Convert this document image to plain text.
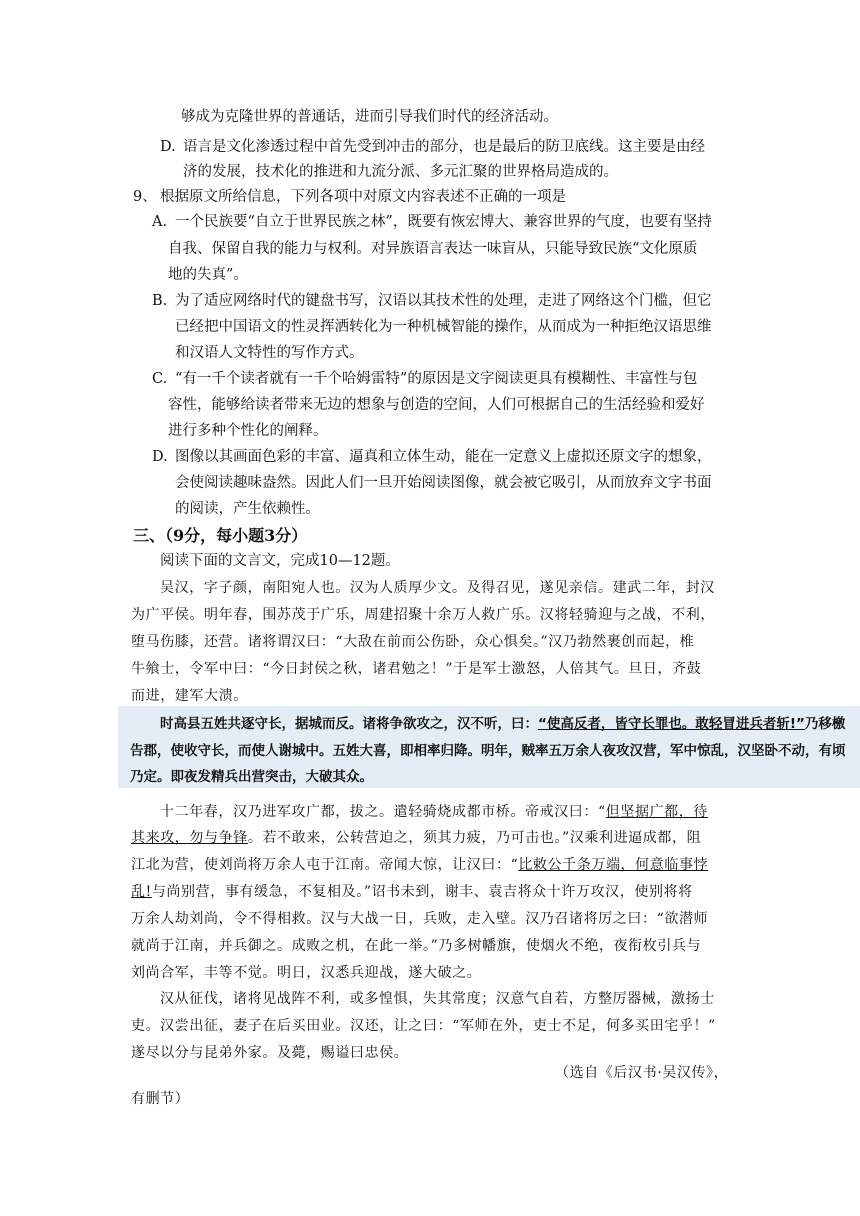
够成为克隆世界的普通话，进而引导我们时代的经济活动。
D. 语言是文化渗透过程中首先受到冲击的部分，也是最后的防卫底线。这主要是由经
济的发展，技术化的推进和九流分派、多元汇聚的世界格局造成的。
9、 根据原文所给信息，下列各项中对原文内容表述不正确的一项是
A. 一个民族要“自立于世界民族之林”，既要有恢宏博大、兼容世界的气度，也要有坚持
自我、保留自我的能力与权利。对异族语言表达一味盲从，只能导致民族“文化原质
地的失真”。
B. 为了适应网络时代的键盘书写，汉语以其技术性的处理，走进了网络这个门槛，但它
已经把中国语文的性灵挥洒转化为一种机械智能的操作，从而成为一种拒绝汉语思维
和汉语人文特性的写作方式。
C. “有一千个读者就有一千个哈姆雷特”的原因是文字阅读更具有模糊性、丰富性与包
容性，能够给读者带来无边的想象与创造的空间，人们可根据自己的生活经验和爱好
进行多种个性化的阐释。
D. 图像以其画面色彩的丰富、逼真和立体生动，能在一定意义上虚拟还原文字的想象，
会使阅读趣味盎然。因此人们一旦开始阅读图像，就会被它吸引，从而放弃文字书面
的阅读，产生依赖性。
三、（9分，每小题3分）
阅读下面的文言文，完成10—12题。
吴汉，字子颜，南阳宛人也。汉为人质厚少文。及得召见，遂见亲信。建武二年，封汉
为广平侯。明年春，围苏茂于广乐，周建招聚十余万人救广乐。汉将轻骑迎与之战，不利，
堕马伤膝，还营。诸将谓汉曰：“大敌在前而公伤卧，众心惧矣。”汉乃勃然裹创而起，椎
牛飨士，令军中曰：“今日封侯之秋，诸君勉之！”于是军士激怒，人倍其气。旦日，齐鼓
而进，建军大溃。
时高县五姓共逐守长，据城而反。诸将争欲攻之，汉不听，曰：“使高反者，皆守长罪也。敢轻冒进兵者斩!”乃移檄
告郡，使收守长，而使人谢城中。五姓大喜，即相率归降。明年，贼率五万余人夜攻汉营，军中惊乱，汉坚卧不动，有顷
乃定。即夜发精兵出营突击，大破其众。
十二年春，汉乃进军攻广都，拔之。遣轻骑烧成都市桥。帝戒汉曰：“但坚据广都，待
其来攻，勿与争锋。若不敢来，公转营迫之，须其力疲，乃可击也。”汉乘利进逼成都，阻
江北为营，使刘尚将万余人屯于江南。帝闻大惊，让汉曰：“比敕公千条万端，何意临事悖
乱!与尚别营，事有缓急，不复相及。”诏书未到，谢丰、袁吉将众十许万攻汉，使别将将
万余人劫刘尚，令不得相救。汉与大战一日，兵败，走入壁。汉乃召诸将厉之曰：“欲潜师
就尚于江南，并兵御之。成败之机，在此一举。”乃多树幡旗，使烟火不绝，夜衔枚引兵与
刘尚合军，丰等不觉。明日，汉悉兵迎战，遂大破之。
汉从征伐，诸将见战阵不利，或多惶惧，失其常度；汉意气自若，方整厉器械，激扬士
吏。汉尝出征，妻子在后买田业。汉还，让之曰：“军师在外，吏士不足，何多买田宅乎！”
遂尽以分与昆弟外家。及薨，赐谥曰忠侯。
（选自《后汉书·吴汉传》，
有删节）
